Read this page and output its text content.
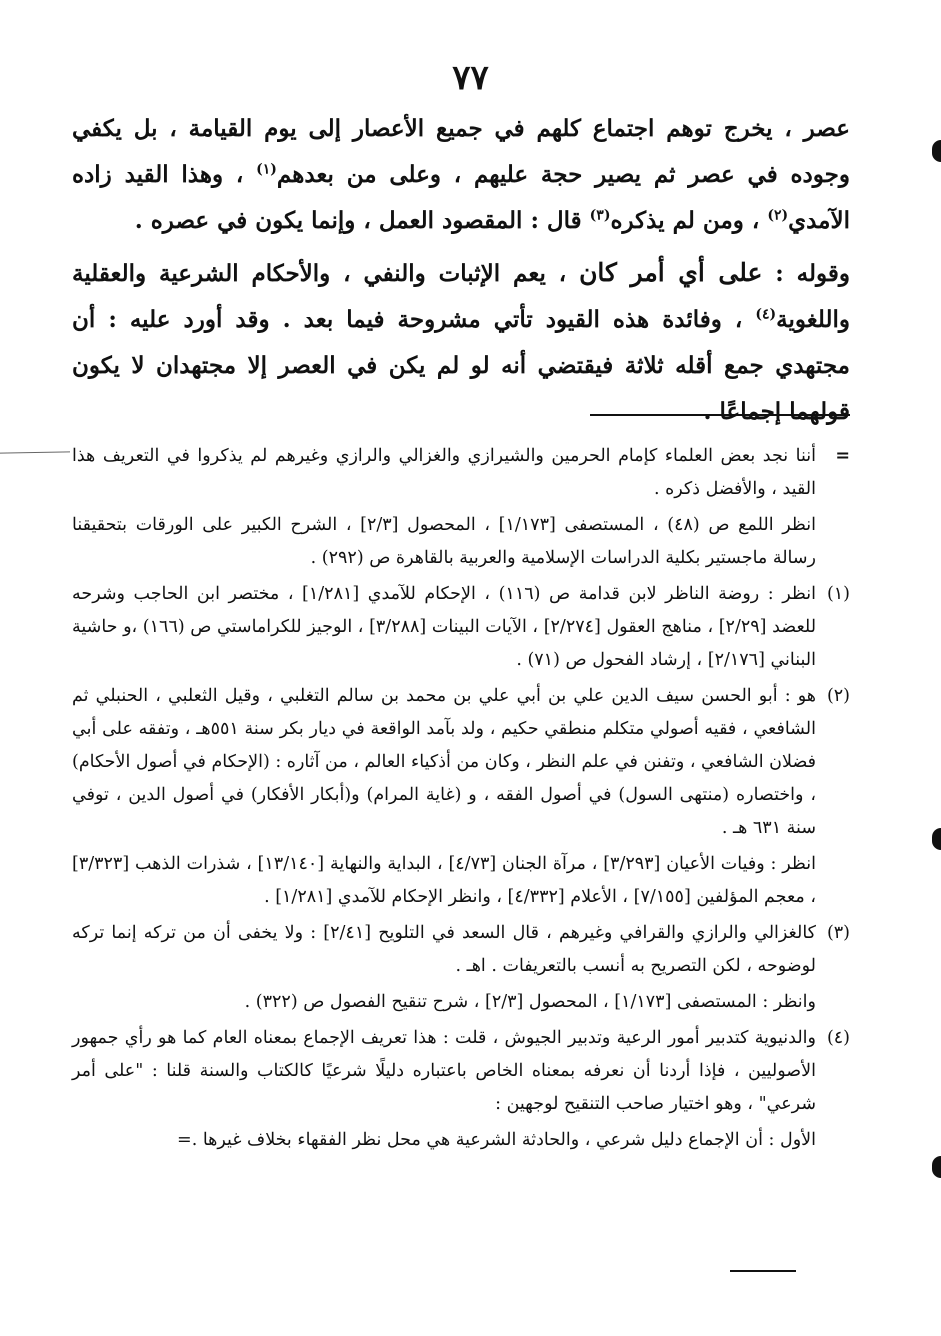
٧٧

عصر ، يخرج توهم اجتماع كلهم في جميع الأعصار إلى يوم القيامة ، بل يكفي وجوده في عصر ثم يصير حجة عليهم ، وعلى من بعدهم$^{(١)}$ ، وهذا القيد زاده الآمدي$^{(٢)}$ ، ومن لم يذكره$^{(٣)}$ قال : المقصود العمل ، وإنما يكون في عصره .

وقوله : على أي أمر كان ، يعم الإثبات والنفي ، والأحكام الشرعية والعقلية واللغوية$^{(٤)}$ ، وفائدة هذه القيود تأتي مشروحة فيما بعد . وقد أورد عليه : أن مجتهدي جمع أقله ثلاثة فيقتضي أنه لو لم يكن في العصر إلا مجتهدان لا يكون قولهما إجماعًا .

=
أننا نجد بعض العلماء كإمام الحرمين والشيرازي والغزالي والرازي وغيرهم لم يذكروا في التعريف هذا القيد ، والأفضل ذكره .

انظر اللمع ص (٤٨) ، المستصفى [١/١٧٣] ، المحصول [٢/٣] ، الشرح الكبير على الورقات بتحقيقنا رسالة ماجستير بكلية الدراسات الإسلامية والعربية بالقاهرة ص (٢٩٢) .

(١)
انظر : روضة الناظر لابن قدامة ص (١١٦) ، الإحكام للآمدي [١/٢٨١] ، مختصر ابن الحاجب وشرحه للعضد [٢/٢٩] ، مناهج العقول [٢/٢٧٤] ، الآيات البينات [٣/٢٨٨] ، الوجيز للكراماستي ص (١٦٦) ،و حاشية البناني [٢/١٧٦] ، إرشاد الفحول ص (٧١) .
(٢)
هو : أبو الحسن سيف الدين علي بن أبي علي بن محمد بن سالم التغلبي ، وقيل الثعلبي ، الحنبلي ثم الشافعي ، فقيه أصولي متكلم منطقي حكيم ، ولد بآمد الواقعة في ديار بكر سنة ٥٥١هـ ، وتفقه على أبي فضلان الشافعي ، وتفنن في علم النظر ، وكان من أذكياء العالم ، من آثاره : (الإحكام في أصول الأحكام) ، واختصاره (منتهى السول) في أصول الفقه ، و (غاية المرام) و(أبكار الأفكار) في أصول الدين ، توفي سنة ٦٣١ هـ .

انظر : وفيات الأعيان [٣/٢٩٣] ، مرآة الجنان [٤/٧٣] ، البداية والنهاية [١٣/١٤٠] ، شذرات الذهب [٣/٣٢٣] ، معجم المؤلفين [٧/١٥٥] ، الأعلام [٤/٣٣٢] ، وانظر الإحكام للآمدي [١/٢٨١] .

(٣)
كالغزالي والرازي والقرافي وغيرهم ، قال السعد في التلويح [٢/٤١] : ولا يخفى أن من تركه إنما تركه لوضوحه ، لكن التصريح به أنسب بالتعريفات . اهـ .

وانظر : المستصفى [١/١٧٣] ، المحصول [٢/٣] ، شرح تنقيح الفصول ص (٣٢٢) .

(٤)
والدنيوية كتدبير أمور الرعية وتدبير الجيوش ، قلت : هذا تعريف الإجماع بمعناه العام كما هو رأي جمهور الأصوليين ، فإذا أردنا أن نعرفه بمعناه الخاص باعتباره دليلًا شرعيًا كالكتاب والسنة قلنا : "على أمر شرعي" ، وهو اختيار صاحب التنقيح لوجهين :
الأول : أن الإجماع دليل شرعي ، والحادثة الشرعية هي محل نظر الفقهاء بخلاف غيرها .=
